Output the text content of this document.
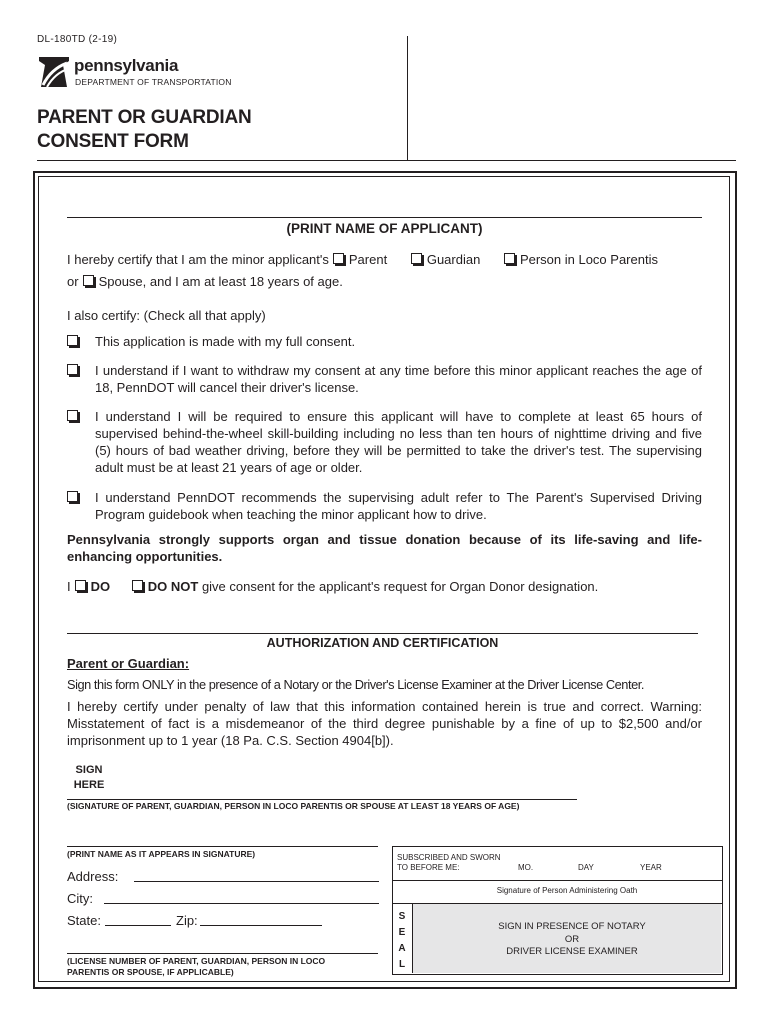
DL-180TD (2-19)
pennsylvania
DEPARTMENT OF TRANSPORTATION
PARENT OR GUARDIAN
CONSENT FORM
(PRINT NAME OF APPLICANT)
I hereby certify that I am the minor applicant's Parent	Guardian	Person in Loco Parentis
or Spouse, and I am at least 18 years of age.
I also certify: (Check all that apply)
This application is made with my full consent.
I understand if I want to withdraw my consent at any time before this minor applicant reaches the age of 18, PennDOT will cancel their driver's license.
I understand I will be required to ensure this applicant will have to complete at least 65 hours of supervised behind-the-wheel skill-building including no less than ten hours of nighttime driving and five (5) hours of bad weather driving, before they will be permitted to take the driver's test. The supervising adult must be at least 21 years of age or older.
I understand PennDOT recommends the supervising adult refer to The Parent's Supervised Driving Program guidebook when teaching the minor applicant how to drive.
Pennsylvania strongly supports organ and tissue donation because of its life-saving and life-enhancing opportunities.
I DO	DO NOT give consent for the applicant's request for Organ Donor designation.
AUTHORIZATION AND CERTIFICATION
Parent or Guardian:
Sign this form ONLY in the presence of a Notary or the Driver's License Examiner at the Driver License Center.
I hereby certify under penalty of law that this information contained herein is true and correct. Warning: Misstatement of fact is a misdemeanor of the third degree punishable by a fine of up to $2,500 and/or imprisonment up to 1 year (18 Pa. C.S. Section 4904[b]).
SIGN
HERE
(SIGNATURE OF PARENT, GUARDIAN, PERSON IN LOCO PARENTIS OR SPOUSE AT LEAST 18 YEARS OF AGE)
(PRINT NAME AS IT APPEARS IN SIGNATURE)
Address:
City:
State:	Zip:
(LICENSE NUMBER OF PARENT, GUARDIAN, PERSON IN LOCO
PARENTIS OR SPOUSE, IF APPLICABLE)
SUBSCRIBED AND SWORN
TO BEFORE ME:	MO.	DAY	YEAR
Signature of Person Administering Oath
S
E
A
L
SIGN IN PRESENCE OF NOTARY
OR
DRIVER LICENSE EXAMINER
